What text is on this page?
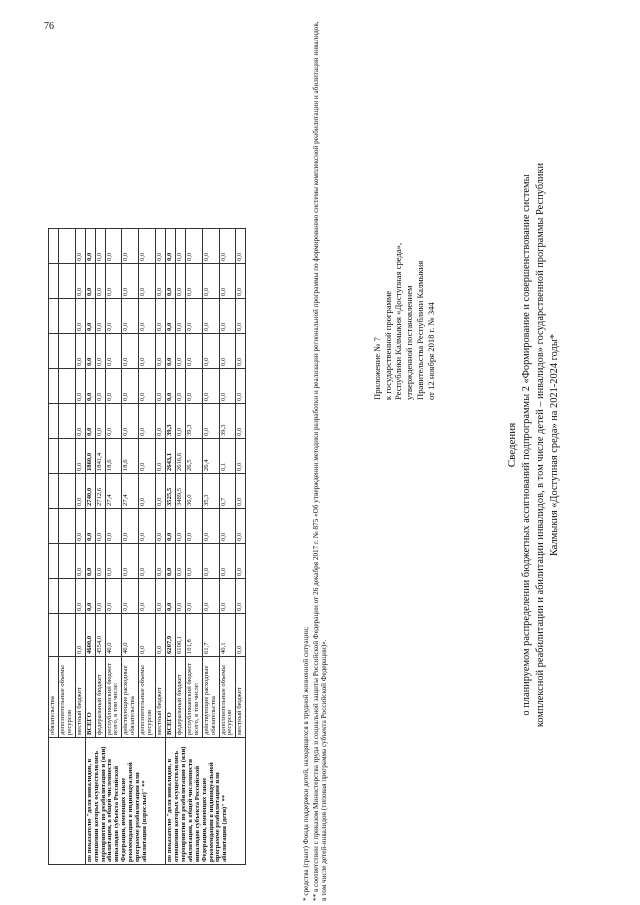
	обязательства												
	дополнительные объемы ресурсов												
	местный бюджет	0,0	0,0	0,0	0,0	0,0	0,0	0,0	0,0	0,0	0,0	0,0	0,0
по показателю "доля инвалидов, в отношении которых осуществлялись мероприятия по реабилитации и (или) абилитации, в общей численности инвалидов субъекта Российской Федерации, имеющих такие рекомендации в индивидуальной программе реабилитации или абилитации (взрослые)" **	ВСЕГО	4600,0	0,0	0,0	0,0	2740,0	1860,0	0,0	0,0	0,0	0,0	0,0	0,0
	федеральный бюджет	4554,0	0,0	0,0	0,0	2712,6	1841,4	0,0	0,0	0,0	0,0	0,0	0,0
	республиканский бюджет всего, в том числе:	46,0	0,0	0,0	0,0	27,4	18,6	0,0	0,0	0,0	0,0	0,0	0,0
	действующие расходные обязательства	46,0	0,0	0,0	0,0	27,4	18,6	0,0	0,0	0,0	0,0	0,0	0,0
	дополнительные объемы ресурсов	0,0	0,0	0,0	0,0	0,0	0,0	0,0	0,0	0,0	0,0	0,0	0,0
	местный бюджет	0,0	0,0	0,0	0,0	0,0	0,0	0,0	0,0	0,0	0,0	0,0	0,0
по показателю "доля инвалидов, в отношении которых осуществлялись мероприятия по реабилитации и (или) абилитации, в общей численности инвалидов субъекта Российской Федерации, имеющих такие рекомендации в индивидуальной программе реабилитации или абилитации (дети)" **	ВСЕГО	6207,9	0,0	0,0	0,0	3525,5	2643,1	39,3	0,0	0,0	0,0	0,0	0,0
	федеральный бюджет	6106,1	0,0	0,0	0,0	3489,5	2616,6	0,0	0,0	0,0	0,0	0,0	0,0
	республиканский бюджет всего, в том числе:	101,8	0,0	0,0	0,0	36,0	26,5	39,3	0,0	0,0	0,0	0,0	0,0
	действующие расходные обязательства	61,7	0,0	0,0	0,0	35,3	26,4	0,0	0,0	0,0	0,0	0,0	0,0
	дополнительные объемы ресурсов	40,1	0,0	0,0	0,0	0,7	0,1	39,3	0,0	0,0	0,0	0,0	0,0
	местный бюджет	0,0	0,0	0,0	0,0	0,0	0,0	0,0	0,0	0,0	0,0	0,0	0,0

* средства (грант) Фонда поддержки детей, находящихся в трудной жизненной ситуации; ** в соответствии с приказом Министерства труда и социальной защиты Российской Федерации от 26 декабря 2017 г. № 875 «Об утверждении методики разработки и реализации региональной программы по формированию системы комплексной реабилитации и абилитации инвалидов, в том числе детей-инвалидов (типовая программа субъекта Российской Федерации)».

Приложение № 7 к государственной программе Республики Калмыкия «Доступная среда», утвержденной постановлением Правительства Республики Калмыкия от 12 ноября 2018 г. № 344
Сведения о планируемом распределении бюджетных ассигнований подпрограммы 2 «Формирование и совершенствование системы комплексной реабилитации и абилитации инвалидов, в том числе детей – инвалидов» государственной программы Республики Калмыкия «Доступная среда» на 2021-2024 годы*
76
